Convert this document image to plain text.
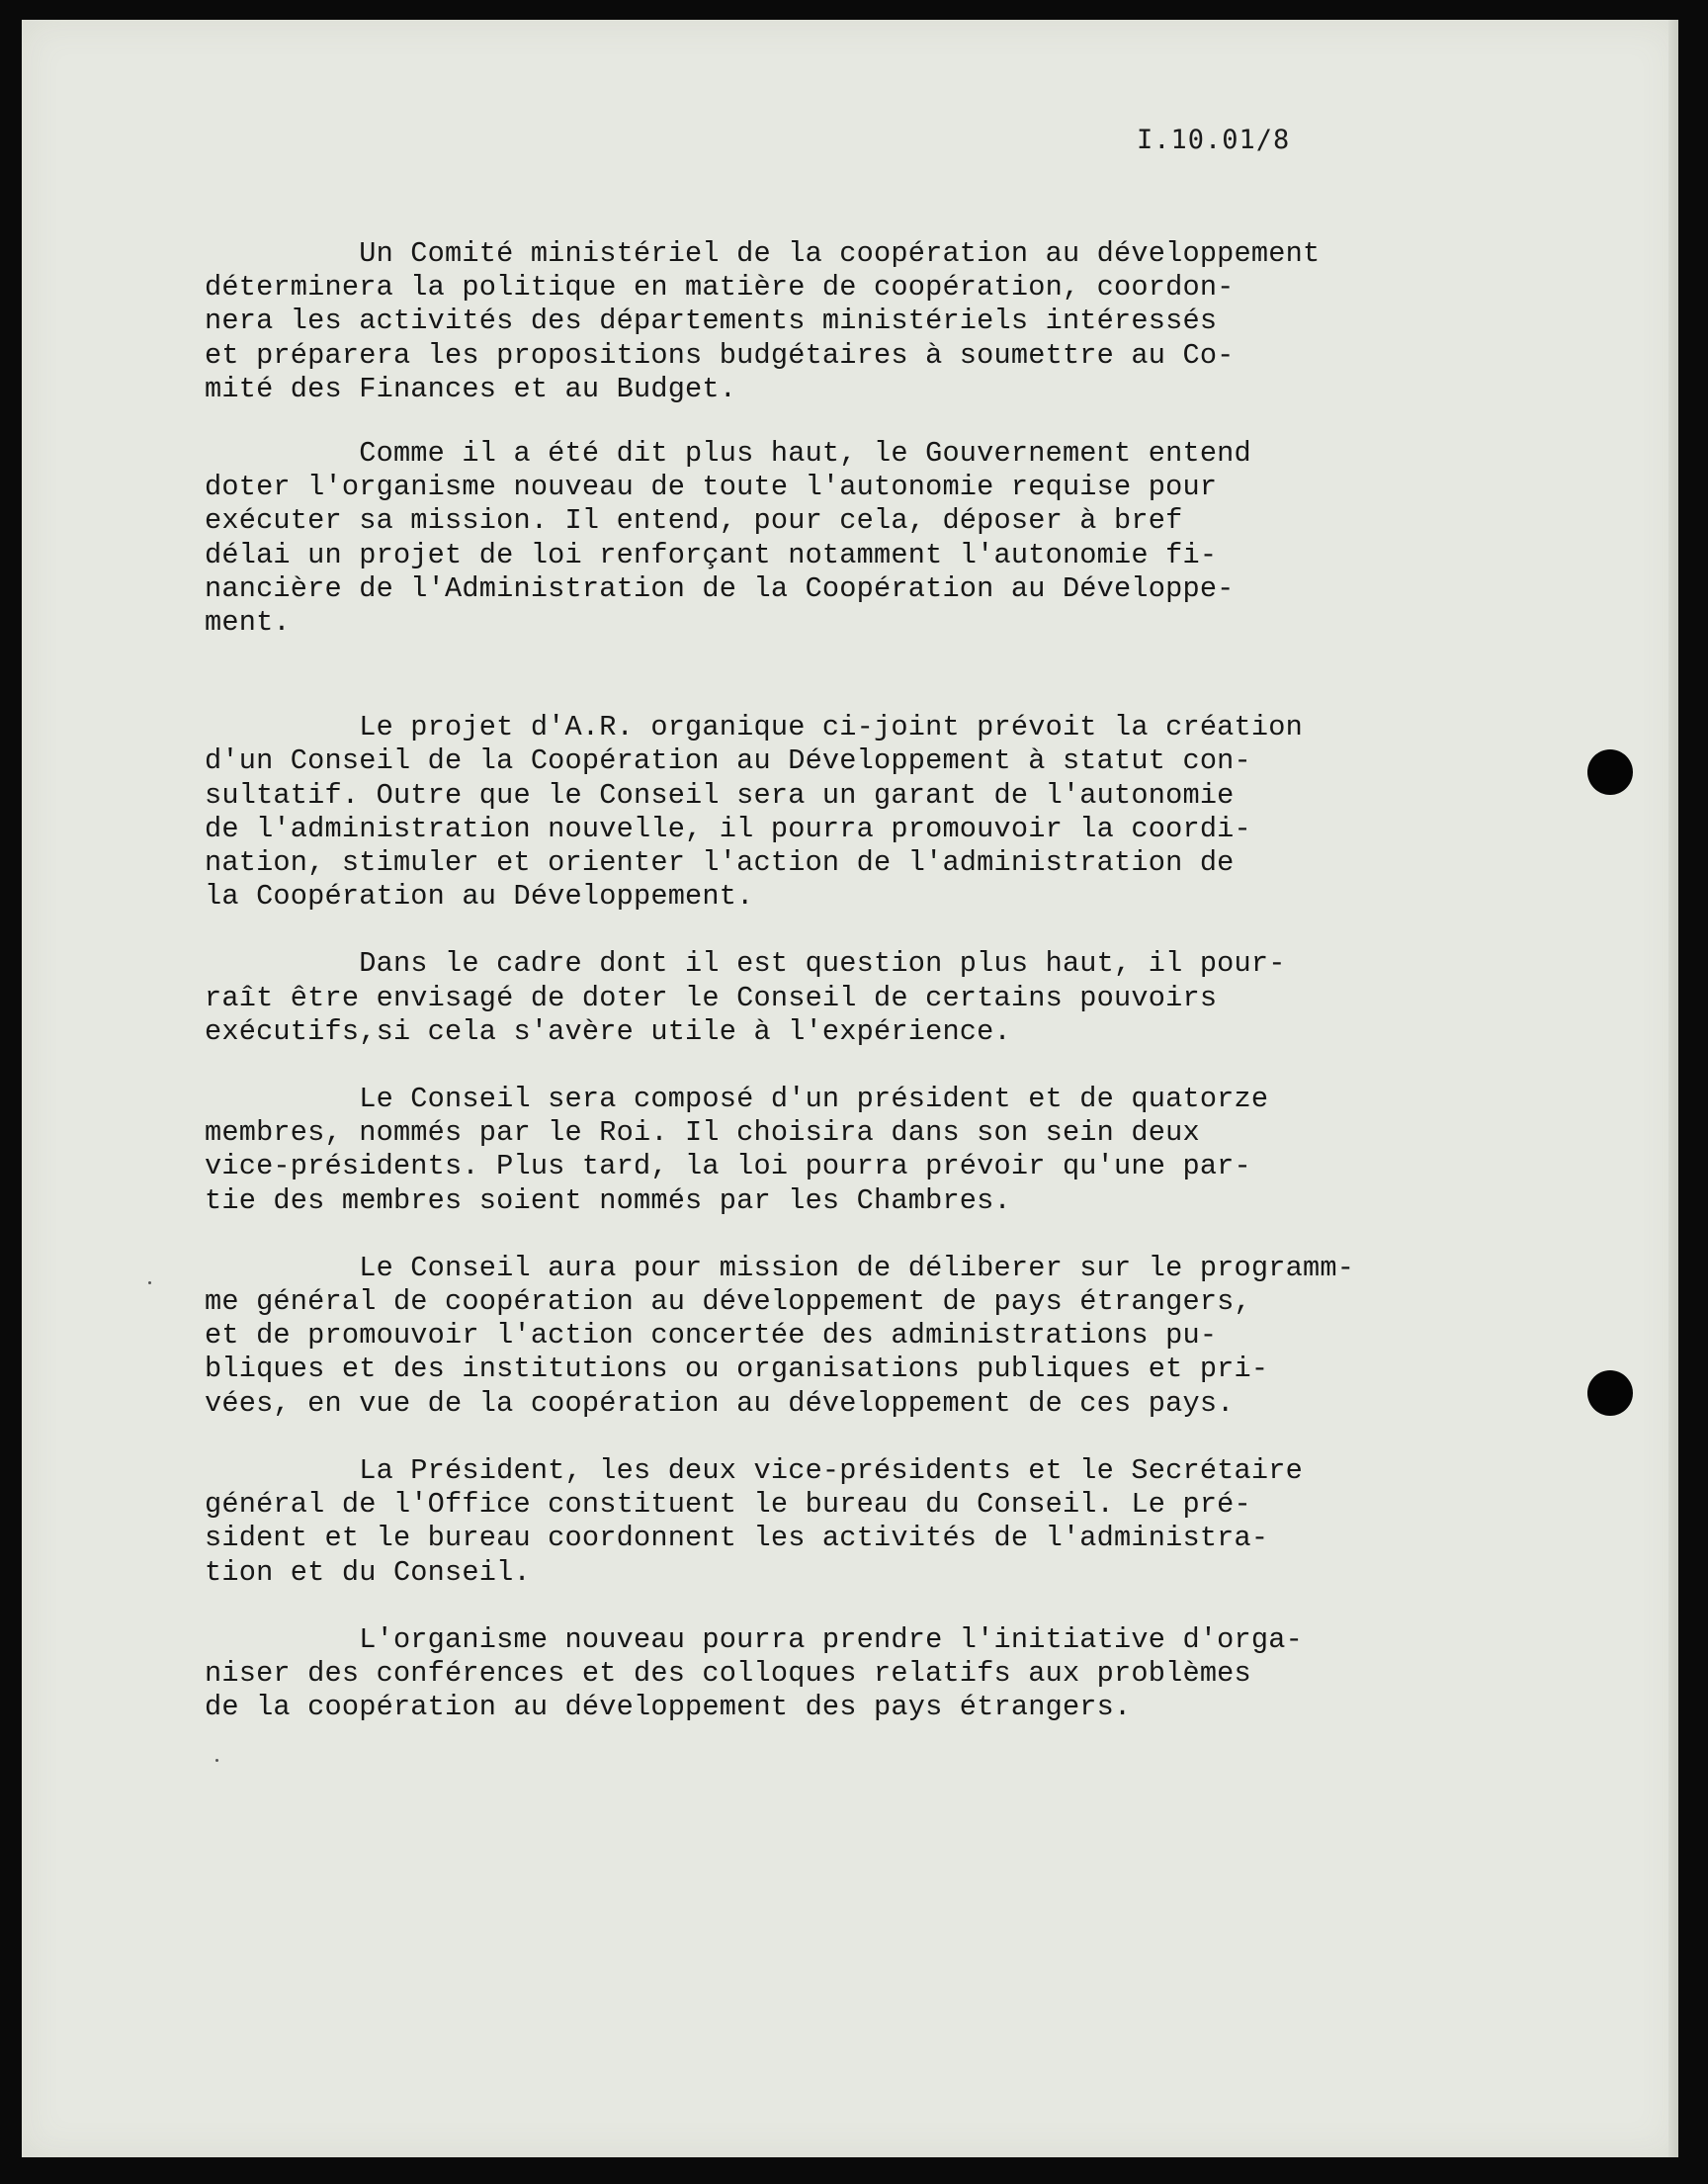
I.10.01/8
Un Comité ministériel de la coopération au développement
déterminera la politique en matière de coopération, coordon-
nera les activités des départements ministériels intéressés
et préparera les propositions budgétaires à soumettre au Co-
mité des Finances et au Budget.
Comme il a été dit plus haut, le Gouvernement entend
doter l'organisme nouveau de toute l'autonomie requise pour
exécuter sa mission. Il entend, pour cela, déposer à bref
délai un projet de loi renforçant notamment l'autonomie fi-
nancière de l'Administration de la Coopération au Développe-
ment.
Le projet d'A.R. organique ci-joint prévoit la création
d'un Conseil de la Coopération au Développement à statut con-
sultatif. Outre que le Conseil sera un garant de l'autonomie
de l'administration nouvelle, il pourra promouvoir la coordi-
nation, stimuler et orienter l'action de l'administration de
la Coopération au Développement.
Dans le cadre dont il est question plus haut, il pour-
raît être envisagé de doter le Conseil de certains pouvoirs
exécutifs,si cela s'avère utile à l'expérience.
Le Conseil sera composé d'un président et de quatorze
membres, nommés par le Roi. Il choisira dans son sein deux
vice-présidents. Plus tard, la loi pourra prévoir qu'une par-
tie des membres soient nommés par les Chambres.
Le Conseil aura pour mission de déliberer sur le programm-
me général de coopération au développement de pays étrangers,
et de promouvoir l'action concertée des administrations pu-
bliques et des institutions ou organisations publiques et pri-
vées, en vue de la coopération au développement de ces pays.
La Président, les deux vice-présidents et le Secrétaire
général de l'Office constituent le bureau du Conseil. Le pré-
sident et le bureau coordonnent les activités de l'administra-
tion et du Conseil.
L'organisme nouveau pourra prendre l'initiative d'orga-
niser des conférences et des colloques relatifs aux problèmes
de la coopération au développement des pays étrangers.
